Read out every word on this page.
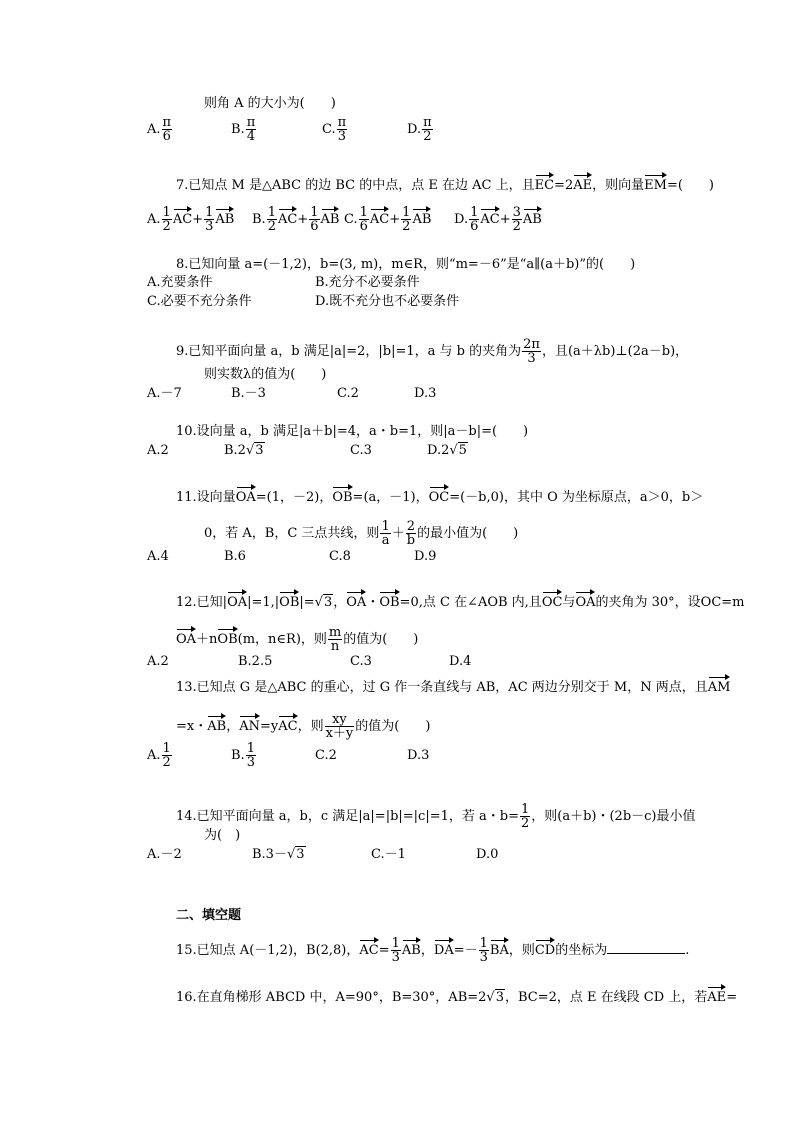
则角 A 的大小为(　　)
A. $\frac{\pi}{6}$	B. $\frac{\pi}{4}$	C. $\frac{\pi}{3}$	D. $\frac{\pi}{2}$
7.已知点 M 是△ABC 的边 BC 的中点，点 E 在边 AC 上，且EC=2AE，则向量EM=(　　)
A. $\frac{1}{2} AC+ \frac{1}{3}$ AB B. $\frac{1}{2} AC+ \frac{1}{6}$ AB C. $\frac{1}{6} AC+ \frac{1}{2}$ AB D. $\frac{1}{6} AC+ \frac{3}{2}$ AB
8.已知向量 a=(－1,2)，b=(3, m)，m∈R，则“m=－6”是“a∥(a＋b)”的(　　)
A.充要条件	B.充分不必要条件
C.必要不充分条件	D.既不充分也不必要条件
9.已知平面向量 a，b 满足|a|=2，|b|=1，a 与 b 的夹角为 $\frac{2\pi}{3}$ ，且(a＋λb)⊥(2a－b)，
则实数λ的值为(　　)
A.－7	B.－3	C.2	D.3
10.设向量 a，b 满足|a＋b|=4，a・b=1，则|a－b|=(　　)
A.2	B.2√3	C.3	D.2√5
11.设向量OA=(1，－2)，OB=(a，－1)，OC=(－b,0)，其中 O 为坐标原点，a＞0，b＞
0，若 A，B，C 三点共线，则 $\frac{1}{a} + \frac{2}{b}$ 的最小值为(　　)
A.4	B.6	C.8	D.9
12.已知|OA|=1,|OB|=√3，OA・OB=0,点 C 在∠AOB 内,且OC与OA的夹角为 30°，设OC=m
OA＋nOB(m，n∈R)，则 $\frac{m}{n}$ 的值为(　　)
A.2	B.2.5	C.3	D.4
13.已知点 G 是△ABC 的重心，过 G 作一条直线与 AB，AC 两边分别交于 M，N 两点，且AM
=x・AB，AN=yAC，则 $\frac{xy}{x+y}$ 的值为(　　)
A. $\frac{1}{2}$	B. $\frac{1}{3}$	C.2	D.3
14.已知平面向量 a，b，c 满足|a|=|b|=|c|=1，若 a・$b= \frac{1}{2}$ ，则(a＋b)・(2b－c)最小值
为(　)
A.－2	B.3－√3	C.－1	D.0
二、填空题
15.已知点 A(－1,2)，B(2,8)，$AC= \frac{1}{3}$ AB，$DA=- \frac{1}{3}$ BA，则CD的坐标为	.
16.在直角梯形 ABCD 中，A=90°，B=30°，AB=2√3，BC=2，点 E 在线段 CD 上，若AE=
